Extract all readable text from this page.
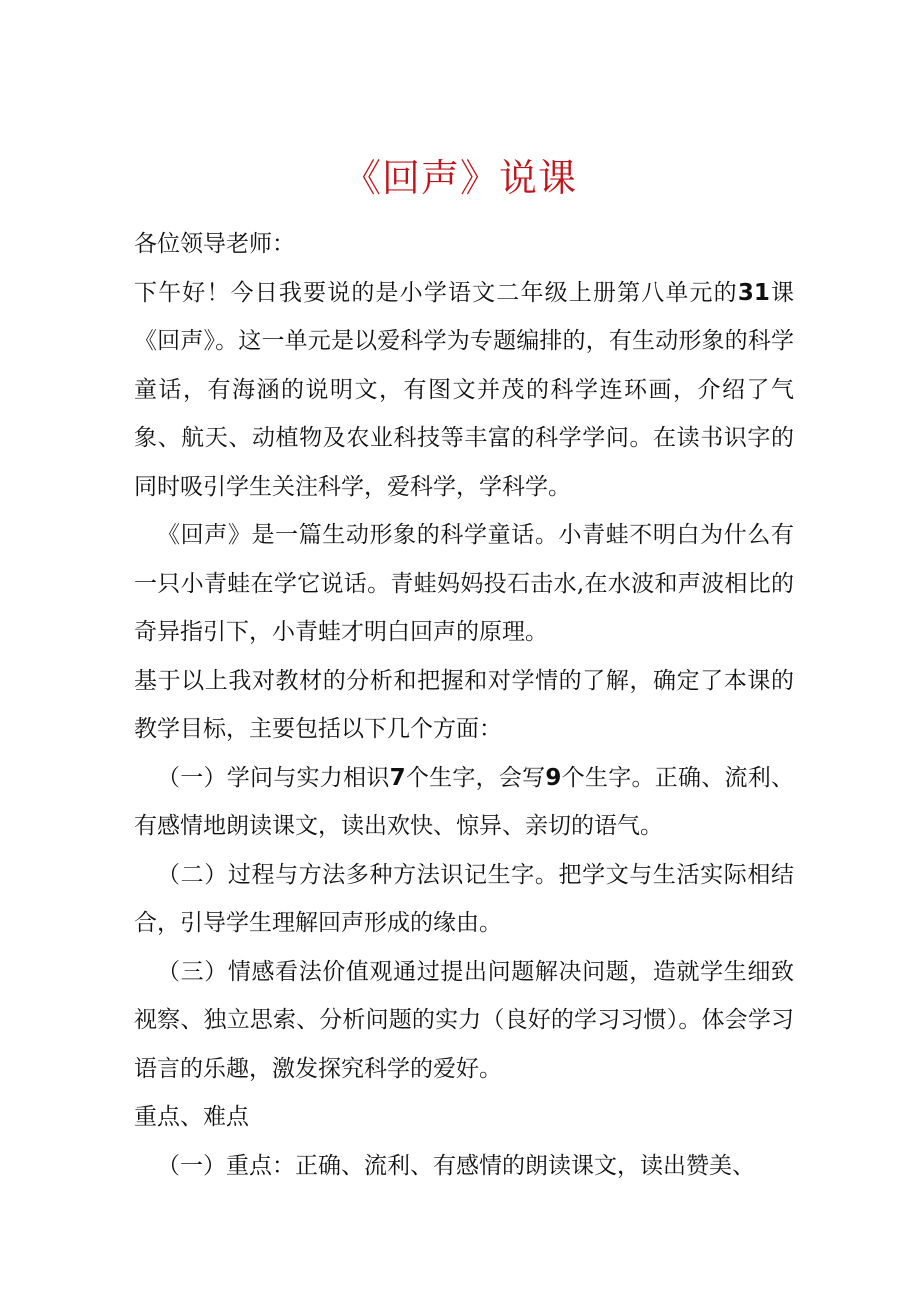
《回声》说课

各位领导老师：

下午好！今日我要说的是小学语文二年级上册第八单元的31课《回声》。这一单元是以爱科学为专题编排的，有生动形象的科学童话，有海涵的说明文，有图文并茂的科学连环画，介绍了气象、航天、动植物及农业科技等丰富的科学学问。在读书识字的同时吸引学生关注科学，爱科学，学科学。

《回声》是一篇生动形象的科学童话。小青蛙不明白为什么有一只小青蛙在学它说话。青蛙妈妈投石击水,在水波和声波相比的奇异指引下，小青蛙才明白回声的原理。

基于以上我对教材的分析和把握和对学情的了解，确定了本课的教学目标，主要包括以下几个方面：

（一）学问与实力相识7个生字，会写9个生字。正确、流利、有感情地朗读课文，读出欢快、惊异、亲切的语气。

（二）过程与方法多种方法识记生字。把学文与生活实际相结合，引导学生理解回声形成的缘由。

（三）情感看法价值观通过提出问题解决问题，造就学生细致视察、独立思索、分析问题的实力（良好的学习习惯）。体会学习语言的乐趣，激发探究科学的爱好。

重点、难点

（一）重点：正确、流利、有感情的朗读课文，读出赞美、
